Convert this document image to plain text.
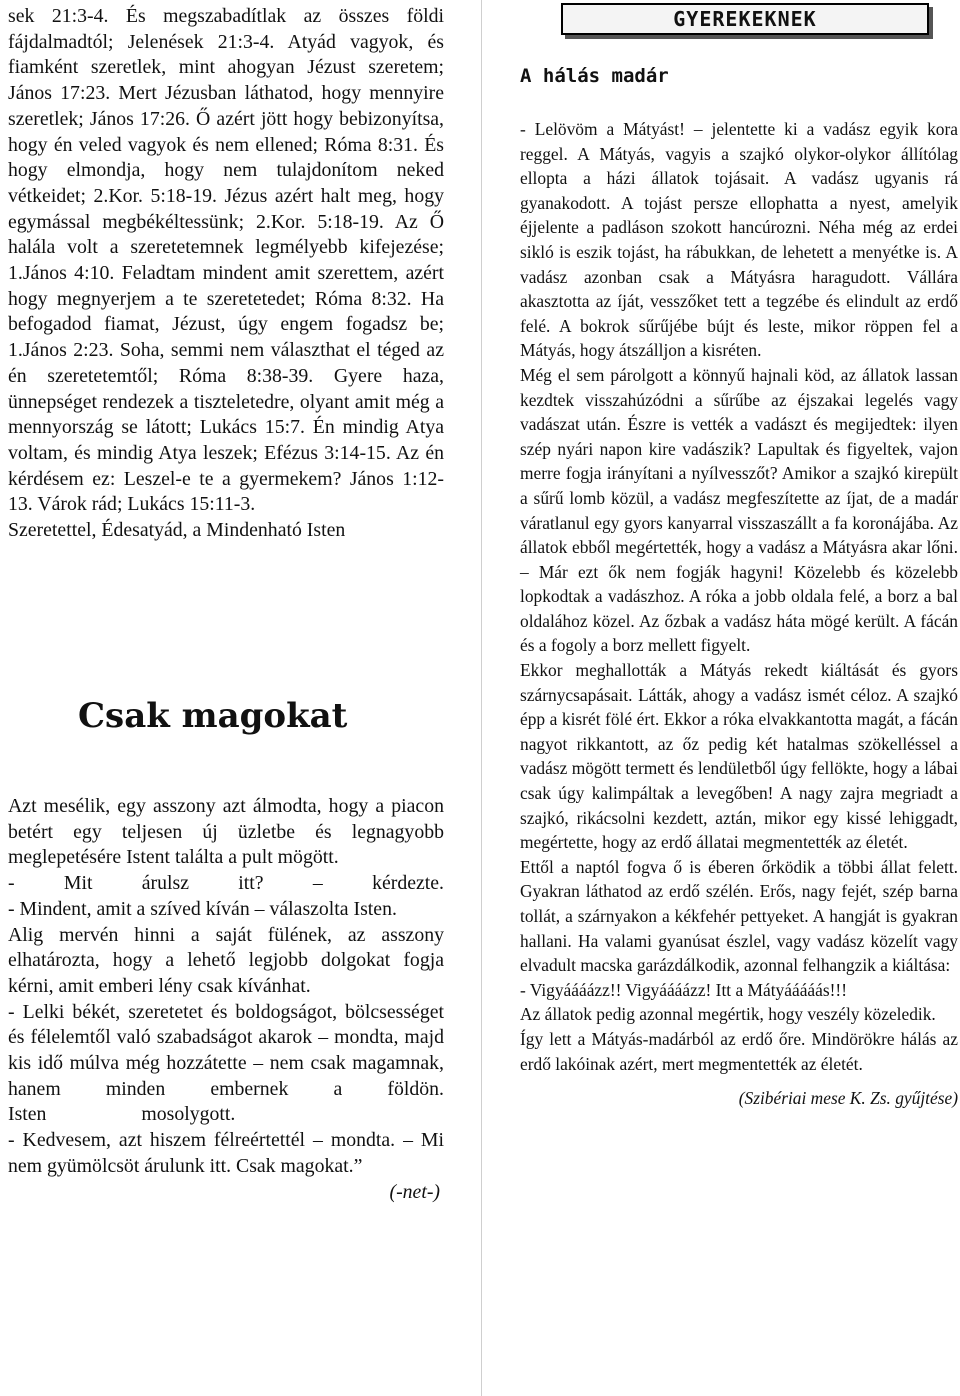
sek 21:3-4. És megszabadítlak az összes földi fájdalmadtól; Jelenések 21:3-4. Atyád vagyok, és fiamként szeretlek, mint ahogyan Jézust szeretem; János 17:23. Mert Jézusban láthatod, hogy mennyire szeretlek; János 17:26. Ő azért jött hogy bebizonyítsa, hogy én veled vagyok és nem ellened; Róma 8:31. És hogy elmondja, hogy nem tulajdonítom neked vétkeidet; 2.Kor. 5:18-19. Jézus azért halt meg, hogy egymással megbékéltessünk; 2.Kor. 5:18-19. Az Ő halála volt a szeretetemnek legmélyebb kifejezése; 1.János 4:10. Feladtam mindent amit szerettem, azért hogy megnyerjem a te szeretetedet; Róma 8:32. Ha befogadod fiamat, Jézust, úgy engem fogadsz be; 1.János 2:23. Soha, semmi nem választhat el téged az én szeretetemtől; Róma 8:38-39. Gyere haza, ünnepséget rendezek a tiszteletedre, olyant amit még a mennyország se látott; Lukács 15:7. Én mindig Atya voltam, és mindig Atya leszek; Efézus 3:14-15. Az én kérdésem ez: Leszel-e te a gyermekem? János 1:12-13. Várok rád; Lukács 15:11-3.

Szeretettel, Édesatyád, a Mindenható Isten

Csak magokat

Azt mesélik, egy asszony azt álmodta, hogy a piacon betért egy teljesen új üzletbe és legnagyobb meglepetésére Istent találta a pult mögött.

- Mit árulsz itt? – kérdezte.

- Mindent, amit a szíved kíván – válaszolta Isten.

Alig mervén hinni a saját fülének, az asszony elhatározta, hogy a lehető legjobb dolgokat fogja kérni, amit emberi lény csak kívánhat.

- Lelki békét, szeretetet és boldogságot, bölcsességet és félelemtől való szabadságot akarok – mondta, majd kis idő múlva még hozzátette – nem csak magamnak, hanem minden embernek a földön.

Isten mosolygott.

- Kedvesem, azt hiszem félreértettél – mondta. – Mi nem gyümölcsöt árulunk itt. Csak magokat.”

(-net-)

GYEREKEKNEK
A hálás madár

- Lelövöm a Mátyást! – jelentette ki a vadász egyik kora reggel. A Mátyás, vagyis a szajkó olykor-olykor állítólag ellopta a házi állatok tojásait. A vadász ugyanis rá gyanakodott. A tojást persze ellophatta a nyest, amelyik éjjelente a padláson szokott hancúrozni. Néha még az erdei sikló is eszik tojást, ha rábukkan, de lehetett a menyétke is. A vadász azonban csak a Mátyásra haragudott. Vállára akasztotta az íját, vesszőket tett a tegzébe és elindult az erdő felé. A bokrok sűrűjébe bújt és leste, mikor röppen fel a Mátyás, hogy átszálljon a kisréten.

Még el sem párolgott a könnyű hajnali köd, az állatok lassan kezdtek visszahúzódni a sűrűbe az éjszakai legelés vagy vadászat után. Észre is vették a vadászt és megijedtek: ilyen szép nyári napon kire vadászik? Lapultak és figyeltek, vajon merre fogja irányítani a nyílvesszőt? Amikor a szajkó kirepült a sűrű lomb közül, a vadász megfeszítette az íjat, de a madár váratlanul egy gyors kanyarral visszaszállt a fa koronájába. Az állatok ebből megértették, hogy a vadász a Mátyásra akar lőni. – Már ezt ők nem fogják hagyni! Közelebb és közelebb lopkodtak a vadászhoz. A róka a jobb oldala felé, a borz a bal oldalához közel. Az őzbak a vadász háta mögé került. A fácán és a fogoly a borz mellett figyelt.

Ekkor meghallották a Mátyás rekedt kiáltását és gyors szárnycsapásait. Látták, ahogy a vadász ismét céloz. A szajkó épp a kisrét fölé ért. Ekkor a róka elvakkantotta magát, a fácán nagyot rikkantott, az őz pedig két hatalmas szökelléssel a vadász mögött termett és lendületből úgy fellökte, hogy a lábai csak úgy kalimpáltak a levegőben! A nagy zajra megriadt a szajkó, rikácsolni kezdett, aztán, mikor egy kissé lehiggadt, megértette, hogy az erdő állatai megmentették az életét.

Ettől a naptól fogva ő is éberen őrködik a többi állat felett. Gyakran láthatod az erdő szélén. Erős, nagy fejét, szép barna tollát, a szárnyakon a kékfehér pettyeket. A hangját is gyakran hallani. Ha valami gyanúsat észlel, vagy vadász közelít vagy elvadult macska garázdálkodik, azonnal felhangzik a kiáltása:

- Vigyáááázz!! Vigyáááázz! Itt a Mátyááááás!!!

Az állatok pedig azonnal megértik, hogy veszély közeledik.

Így lett a Mátyás-madárból az erdő őre. Mindörökre hálás az erdő lakóinak azért, mert megmentették az életét.

(Szibériai mese K. Zs. gyűjtése)
